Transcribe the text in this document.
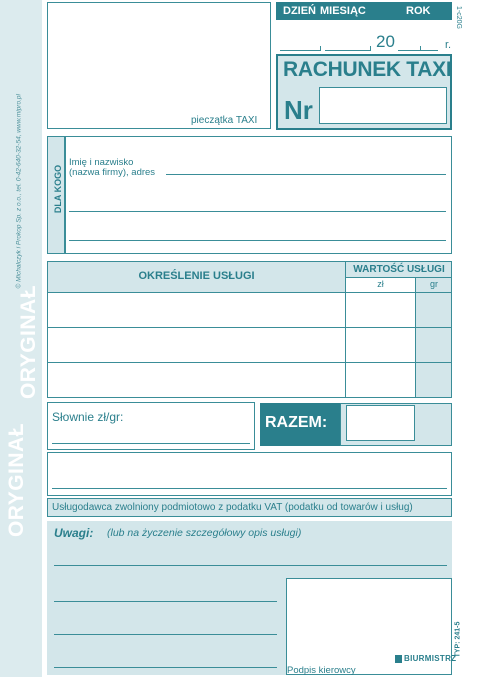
ORYGINAŁ
ORYGINAŁ
© Michalczyk i Prokop Sp. z o.o., tel. 0-42-640-32-54, www.mipro.pl
1-c20G
TYP: 241-5
pieczątka TAXI
DZIEŃ MIESIĄC	ROK
20	r.
RACHUNEK TAXI
Nr
DLA KOGO
Imię i nazwisko
(nazwa firmy), adres
OKREŚLENIE USŁUGI
WARTOŚĆ USŁUGI
zł	gr
Słownie zł/gr:	RAZEM:
Usługodawca zwolniony podmiotowo z podatku VAT (podatku od towarów i usług)
Uwagi: (lub na życzenie szczegółowy opis usługi)
Podpis kierowcy
BIURMISTRZ
